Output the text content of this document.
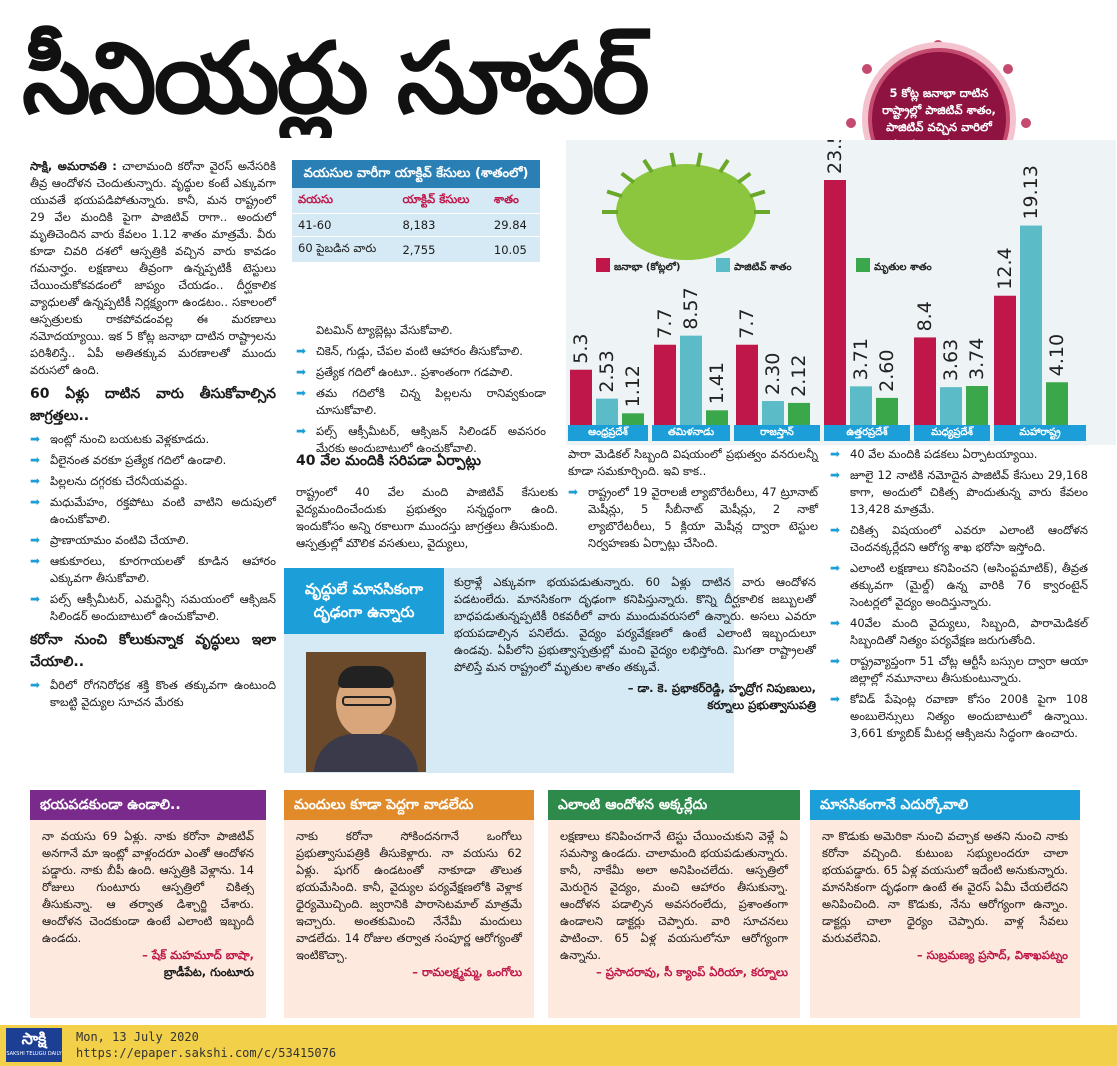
సీనియర్లు సూపర్	5 కోట్ల జనాభా దాటిన రాష్ట్రాల్లో పాజిటివ్ శాతం, పాజిటివ్ వచ్చిన వారిలో

సాక్షి, అమరావతి : చాలామంది కరోనా వైరస్ అనేసరికి తీవ్ర ఆందోళన చెందుతున్నారు. వృద్ధుల కంటే ఎక్కువగా యువతే భయపడిపోతున్నారు. కానీ, మన రాష్ట్రంలో 29 వేల మందికి పైగా పాజిటివ్ రాగా.. అందులో మృతిచెందిన వారు కేవలం 1.12 శాతం మాత్రమే. వీరు కూడా చివరి దశలో ఆస్పత్రికి వచ్చిన వారు కావడం గమనార్హం. లక్షణాలు తీవ్రంగా ఉన్నప్పటికీ టెస్టులు చేయించుకోకవడంలో జాప్యం చేయడం.. దీర్ఘకాలిక వ్యాధులతో ఉన్నప్పటికీ నిర్లక్ష్యంగా ఉండటం.. సకాలంలో ఆస్పత్రులకు రాకపోవడంవల్ల ఈ మరణాలు నమోదయ్యాయి. ఇక 5 కోట్ల జనాభా దాటిన రాష్ట్రాలను పరిశీలిస్తే.. ఏపీ అతితక్కువ మరణాలతో ముందు వరుసలో ఉంది.

60 ఏళ్లు దాటిన వారు తీసుకోవాల్సిన జాగ్రత్తలు..
➡ ఇంట్లో నుంచి బయటకు వెళ్లకూడదు.
➡ వీలైనంత వరకూ ప్రత్యేక గదిలో ఉండాలి.
➡ పిల్లలను దగ్గరకు చేరనీయవద్దు.
➡ మధుమేహం, రక్తపోటు వంటి వాటిని అదుపులో ఉంచుకోవాలి.
➡ ప్రాణాయామం వంటివి చేయాలి.
➡ ఆకుకూరలు, కూరగాయలతో కూడిన ఆహారం ఎక్కువగా తీసుకోవాలి.
➡ పల్స్ ఆక్సీమీటర్, ఎమర్జెన్సీ సమయంలో ఆక్సిజన్ సిలిండర్ అందుబాటులో ఉంచుకోవాలి.
కరోనా నుంచి కోలుకున్నాక వృద్ధులు ఇలా చేయాలి..
➡ వీరిలో రోగనిరోధక శక్తి కొంత తక్కువగా ఉంటుంది కాబట్టి వైద్యుల సూచన మేరకు
వయసుల వారీగా యాక్టివ్ కేసులు (శాతంలో)
వయసు	యాక్టివ్ కేసులు	శాతం
41-60	8,183	29.84
60 పైబడిన వారు	2,755	10.05

విటమిన్ ట్యాబ్లెట్లు వేసుకోవాలి.

➡ చికెన్, గుడ్లు, చేపల వంటి ఆహారం తీసుకోవాలి.
➡ ప్రత్యేక గదిలో ఉంటూ.. ప్రశాంతంగా గడపాలి.
➡ తమ గదిలోకి చిన్న పిల్లలను రానివ్వకుండా చూసుకోవాలి.
➡ పల్స్ ఆక్సీమీటర్, ఆక్సిజన్ సిలిండర్ అవసరం మేరకు అందుబాటులో ఉంచుకోవాలి.
40 వేల మందికి సరిపడా ఏర్పాట్లు
రాష్ట్రంలో 40 వేల మంది పాజిటివ్ కేసులకు వైద్యమందించేందుకు ప్రభుత్వం సన్నద్ధంగా ఉంది. ఇందుకోసం అన్ని రకాలుగా ముందస్తు జాగ్రత్తలు తీసుకుంది. ఆస్పత్రుల్లో మౌలిక వసతులు, వైద్యులు,
జనాభా (కోట్లలో)	పాజిటివ్ శాతం	మృతుల శాతం
5.3
2.53 1.12
7.7 8.57
1.41
7.7
2.30 2.12
23.5
3.71 2.60
8.4
3.63 3.74
12.4
19.13
4.10
ఆంధ్రప్రదేశ్	తమిళనాడు	రాజస్తాన్	ఉత్తరప్రదేశ్	మధ్యప్రదేశ్	మహారాష్ట్ర

పారా మెడికల్ సిబ్బంది విషయంలో ప్రభుత్వం వనరులన్నీ కూడా సమకూర్చింది. ఇవి కాక..

➡ రాష్ట్రంలో 19 వైరాలజీ ల్యాబొరేటరీలు, 47 ట్రూనాట్ మెషీన్లు, 5 సీబీనాట్ మెషీన్లు, 2 నాకో ల్యాబొరేటరీలు, 5 క్లియా మెషీన్ల ద్వారా టెస్టుల నిర్వహణకు ఏర్పాట్లు చేసింది.
➡ 40 వేల మందికి పడకలు ఏర్పాటయ్యాయి.
➡ జూలై 12 నాటికి నమోదైన పాజిటివ్ కేసులు 29,168 కాగా, అందులో చికిత్స పొందుతున్న వారు కేవలం 13,428 మాత్రమే.
➡ చికిత్స విషయంలో ఎవరూ ఎలాంటి ఆందోళన చెందనక్కర్లేదని ఆరోగ్య శాఖ భరోసా ఇస్తోంది.
➡ ఎలాంటి లక్షణాలు కనిపించని (అసింప్టమాటిక్), తీవ్రత తక్కువగా (మైల్డ్) ఉన్న వారికి 76 క్వారంటైన్ సెంటర్లలో వైద్యం అందిస్తున్నారు.
➡ 40వేల మంది వైద్యులు, సిబ్బంది, పారామెడికల్ సిబ్బందితో నిత్యం పర్యవేక్షణ జరుగుతోంది.
➡ రాష్ట్రవ్యాప్తంగా 51 చోట్ల ఆర్టీసీ బస్సుల ద్వారా ఆయా జిల్లాల్లో నమూనాలు తీసుకుంటున్నారు.
➡ కోవిడ్ పేషెంట్ల రవాణా కోసం 200కి పైగా 108 అంబులెన్సులు నిత్యం అందుబాటులో ఉన్నాయి. 3,661 క్యూబిక్ మీటర్ల ఆక్సిజను సిద్ధంగా ఉంచారు.
వృద్ధులే మానసికంగా దృఢంగా ఉన్నారు

కుర్రాళ్లే ఎక్కువగా భయపడుతున్నారు. 60 ఏళ్లు దాటిన వారు ఆందోళన పడటంలేదు. మానసికంగా దృఢంగా కనిపిస్తున్నారు. కొన్ని దీర్ఘకాలిక జబ్బులతో బాధపడుతున్నప్పటికీ రికవరీలో వారు ముందువరుసలో ఉన్నారు. అసలు ఎవరూ భయపడాల్సిన పనిలేదు. వైద్యం పర్యవేక్షణలో ఉంటే ఎలాంటి ఇబ్బందులూ ఉండవు. ఏపీలోని ప్రభుత్వాస్పత్రుల్లో మంచి వైద్యం లభిస్తోంది. మిగతా రాష్ట్రాలతో పోలిస్తే మన రాష్ట్రంలో మృతుల శాతం తక్కువే.

– డా. కె. ప్రభాకర్‌రెడ్డి, హృద్రోగ నిపుణులు,
కర్నూలు ప్రభుత్వాసుపత్రి
భయపడకుండా ఉండాలి..
నా వయసు 69 ఏళ్లు. నాకు కరోనా పాజిటివ్ అనగానే మా ఇంట్లో వాళ్లందరూ ఎంతో ఆందోళన పడ్డారు. నాకు బీపీ ఉంది. ఆస్పత్రికి వెళ్లాను. 14 రోజులు గుంటూరు ఆస్పత్రిలో చికిత్స తీసుకున్నా. ఆ తర్వాత డిశ్చార్జి చేశారు. ఆందోళన చెందకుండా ఉంటే ఎలాంటి ఇబ్బందీ ఉండదు.
– షేక్ మహమూద్ బాషా,
బ్రాడీపేట, గుంటూరు
మందులు కూడా పెద్దగా వాడలేదు
నాకు కరోనా సోకిందనగానే ఒంగోలు ప్రభుత్వాసుపత్రికి తీసుకెళ్లారు. నా వయసు 62 ఏళ్లు. షుగర్ ఉండటంతో నాకూడా తొలుత భయమేసింది. కానీ, వైద్యుల పర్యవేక్షణలోకి వెళ్లాక ధైర్యమొచ్చింది. జ్వరానికి పారాసెటమాల్ మాత్రమే ఇచ్చారు. అంతకుమించి నేనేమీ మందులు వాడలేదు. 14 రోజుల తర్వాత సంపూర్ణ ఆరోగ్యంతో ఇంటికొచ్చా.
– రామలక్ష్మమ్మ, ఒంగోలు
ఎలాంటి ఆందోళన అక్కర్లేదు
లక్షణాలు కనిపించగానే టెస్టు చేయించుకుని వెళ్లే ఏ సమస్యా ఉండదు. చాలామంది భయపడుతున్నారు. కానీ, నాకేమీ అలా అనిపించలేదు. ఆస్పత్రిలో మెరుగైన వైద్యం, మంచి ఆహారం తీసుకున్నా. ఆందోళన పడాల్సిన అవసరంలేదు, ప్రశాంతంగా ఉండాలని డాక్టర్లు చెప్పారు. వారి సూచనలు పాటించా. 65 ఏళ్ల వయసులోనూ ఆరోగ్యంగా ఉన్నాను.
– ప్రసాదరావు, సీ క్యాంప్ ఏరియా, కర్నూలు
మానసికంగానే ఎదుర్కోవాలి
నా కొడుకు అమెరికా నుంచి వచ్చాక అతని నుంచి నాకు కరోనా వచ్చింది. కుటుంబ సభ్యులందరూ చాలా భయపడ్డారు. 65 ఏళ్ల వయసులో ఇదేంటి అనుకున్నారు. మానసికంగా దృఢంగా ఉంటే ఈ వైరస్ ఏమీ చేయలేదని అనిపించింది. నా కొడుకు, నేను ఆరోగ్యంగా ఉన్నాం. డాక్టర్లు చాలా ధైర్యం చెప్పారు. వాళ్ల సేవలు మరువలేనివి.
– సుబ్రమణ్య ప్రసాద్, విశాఖపట్నం
సాక్షి
SAKSHI TELUGU DAILY
Mon, 13 July 2020
https://epaper.sakshi.com/c/53415076
